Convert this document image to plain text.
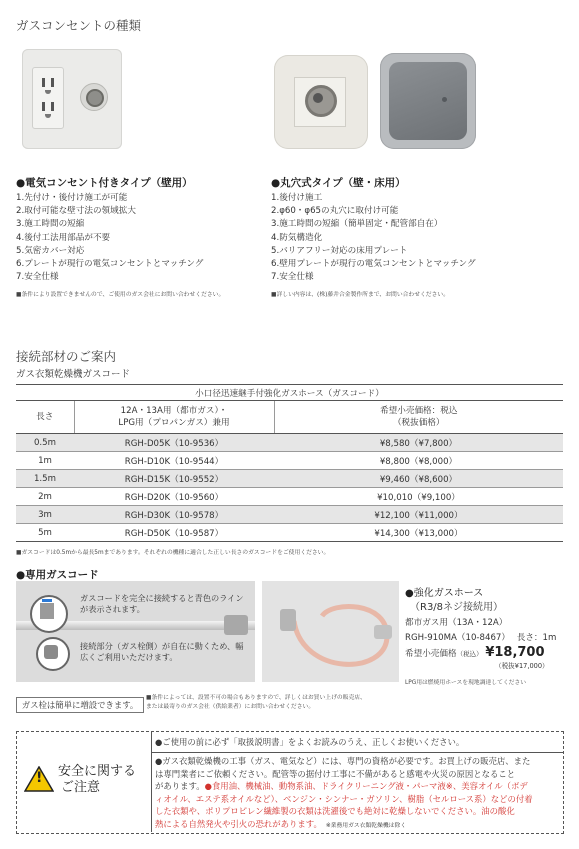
ガスコンセントの種類
●電気コンセント付きタイプ（壁用）
1.先付け・後付け施工が可能
2.取付可能な壁寸法の領域拡大
3.施工時間の短縮
4.後付工法用部品が不要
5.気密カバー対応
6.プレートが現行の電気コンセントとマッチング
7.安全仕様
■条件により設置できませんので、ご使用のガス会社にお問い合わせください。
●丸穴式タイプ（壁・床用）
1.後付け施工
2.φ60・φ65の丸穴に取付け可能
3.施工時間の短縮（簡単固定・配管部自在）
4.防気構造化
5.バリアフリー対応の床用プレート
6.壁用プレートが現行の電気コンセントとマッチング
7.安全仕様
■詳しい内容は、(株)藤井合金製作所まで、お問い合わせください。
接続部材のご案内
ガス衣類乾燥機ガスコード
小口径迅速継手付強化ガスホース（ガスコード）		
長さ	12A・13A用（都市ガス）・
LPG用（プロパンガス）兼用	希望小売価格：税込
（税抜価格）
0.5m	RGH-D05K（10-9536）	¥8,580（¥7,800）
1m	RGH-D10K（10-9544）	¥8,800（¥8,000）
1.5m	RGH-D15K（10-9552）	¥9,460（¥8,600）
2m	RGH-D20K（10-9560）	¥10,010（¥9,100）
3m	RGH-D30K（10-9578）	¥12,100（¥11,000）
5m	RGH-D50K（10-9587）	¥14,300（¥13,000）
■ガスコードは0.5mから最長5mまであります。それぞれの機種に適合した正しい長さのガスコードをご使用ください。
●専用ガスコード
ガスコードを完全に接続すると青色のラインが表示されます。
接続部分（ガス栓側）が自在に動くため、幅広くご利用いただけます。
●強化ガスホース
（R3/8ネジ接続用）
都市ガス用（13A・12A）
RGH-910MA（10-8467） 長さ：1m
希望小売価格（税込） ¥18,700
（税抜¥17,000）
LPG用は燃焼用ホースを現地調達してください
ガス栓は簡単に増設できます。
■条件によっては、設置不可の場合もありますので、詳しくはお買い上げの販売店、または最寄りのガス会社（供給業者）にお問い合わせください。
! 安全に関する
ご注意
●ご使用の前に必ず「取扱説明書」をよくお読みのうえ、正しくお使いください。
●ガス衣類乾燥機の工事（ガス、電気など）には、専門の資格が必要です。お買上げの販売店、また
は専門業者にご依頼ください。配管等の据付け工事に不備があると感電や火災の原因となること
があります。●食用油、機械油、動物系油、ドライクリーニング液・パーマ液※、美容オイル（ボデ
ィオイル、エステ系オイルなど）、ベンジン・シンナー・ガソリン、樹脂（セルロース系）などの付着
した衣類や、ポリプロピレン繊維製の衣類は洗濯後でも絶対に乾燥しないでください。油の酸化
熱による自然発火や引火の恐れがあります。 ※業務用ガス衣類乾燥機は除く
